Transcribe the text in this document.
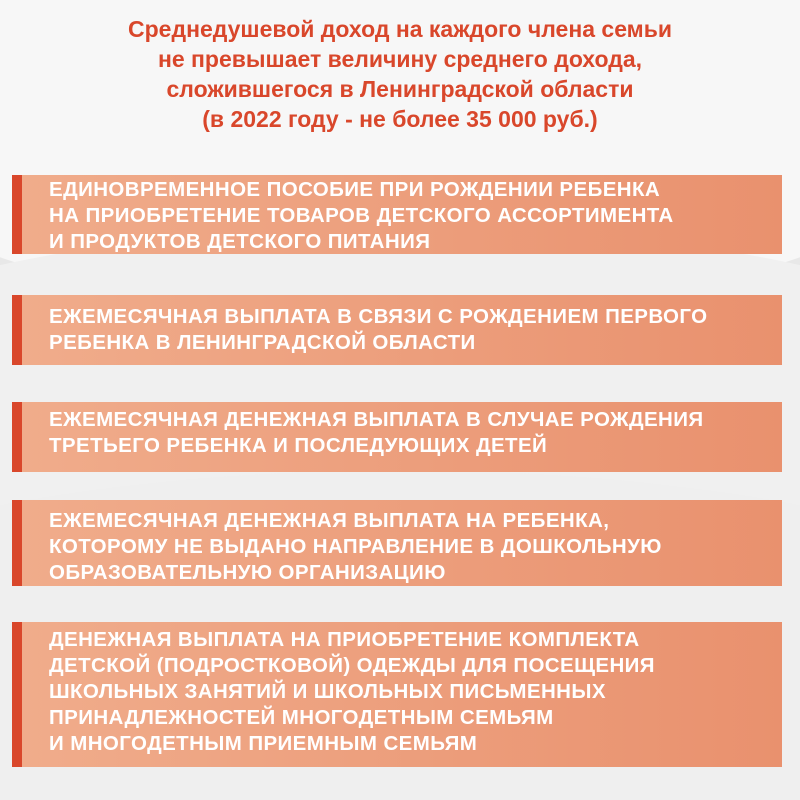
Среднедушевой доход на каждого члена семьи
не превышает величину среднего дохода,
сложившегося в Ленинградской области
(в 2022 году - не более 35 000 руб.)
ЕДИНОВРЕМЕННОЕ ПОСОБИЕ ПРИ РОЖДЕНИИ РЕБЕНКА
НА ПРИОБРЕТЕНИЕ ТОВАРОВ ДЕТСКОГО АССОРТИМЕНТА
И ПРОДУКТОВ ДЕТСКОГО ПИТАНИЯ
ЕЖЕМЕСЯЧНАЯ ВЫПЛАТА В СВЯЗИ С РОЖДЕНИЕМ ПЕРВОГО
РЕБЕНКА В ЛЕНИНГРАДСКОЙ ОБЛАСТИ
ЕЖЕМЕСЯЧНАЯ ДЕНЕЖНАЯ ВЫПЛАТА В СЛУЧАЕ РОЖДЕНИЯ
ТРЕТЬЕГО РЕБЕНКА И ПОСЛЕДУЮЩИХ ДЕТЕЙ
ЕЖЕМЕСЯЧНАЯ ДЕНЕЖНАЯ ВЫПЛАТА НА РЕБЕНКА,
КОТОРОМУ НЕ ВЫДАНО НАПРАВЛЕНИЕ В ДОШКОЛЬНУЮ
ОБРАЗОВАТЕЛЬНУЮ ОРГАНИЗАЦИЮ
ДЕНЕЖНАЯ ВЫПЛАТА НА ПРИОБРЕТЕНИЕ КОМПЛЕКТА
ДЕТСКОЙ (ПОДРОСТКОВОЙ) ОДЕЖДЫ ДЛЯ ПОСЕЩЕНИЯ
ШКОЛЬНЫХ ЗАНЯТИЙ И ШКОЛЬНЫХ ПИСЬМЕННЫХ
ПРИНАДЛЕЖНОСТЕЙ МНОГОДЕТНЫМ СЕМЬЯМ
И МНОГОДЕТНЫМ ПРИЕМНЫМ СЕМЬЯМ
